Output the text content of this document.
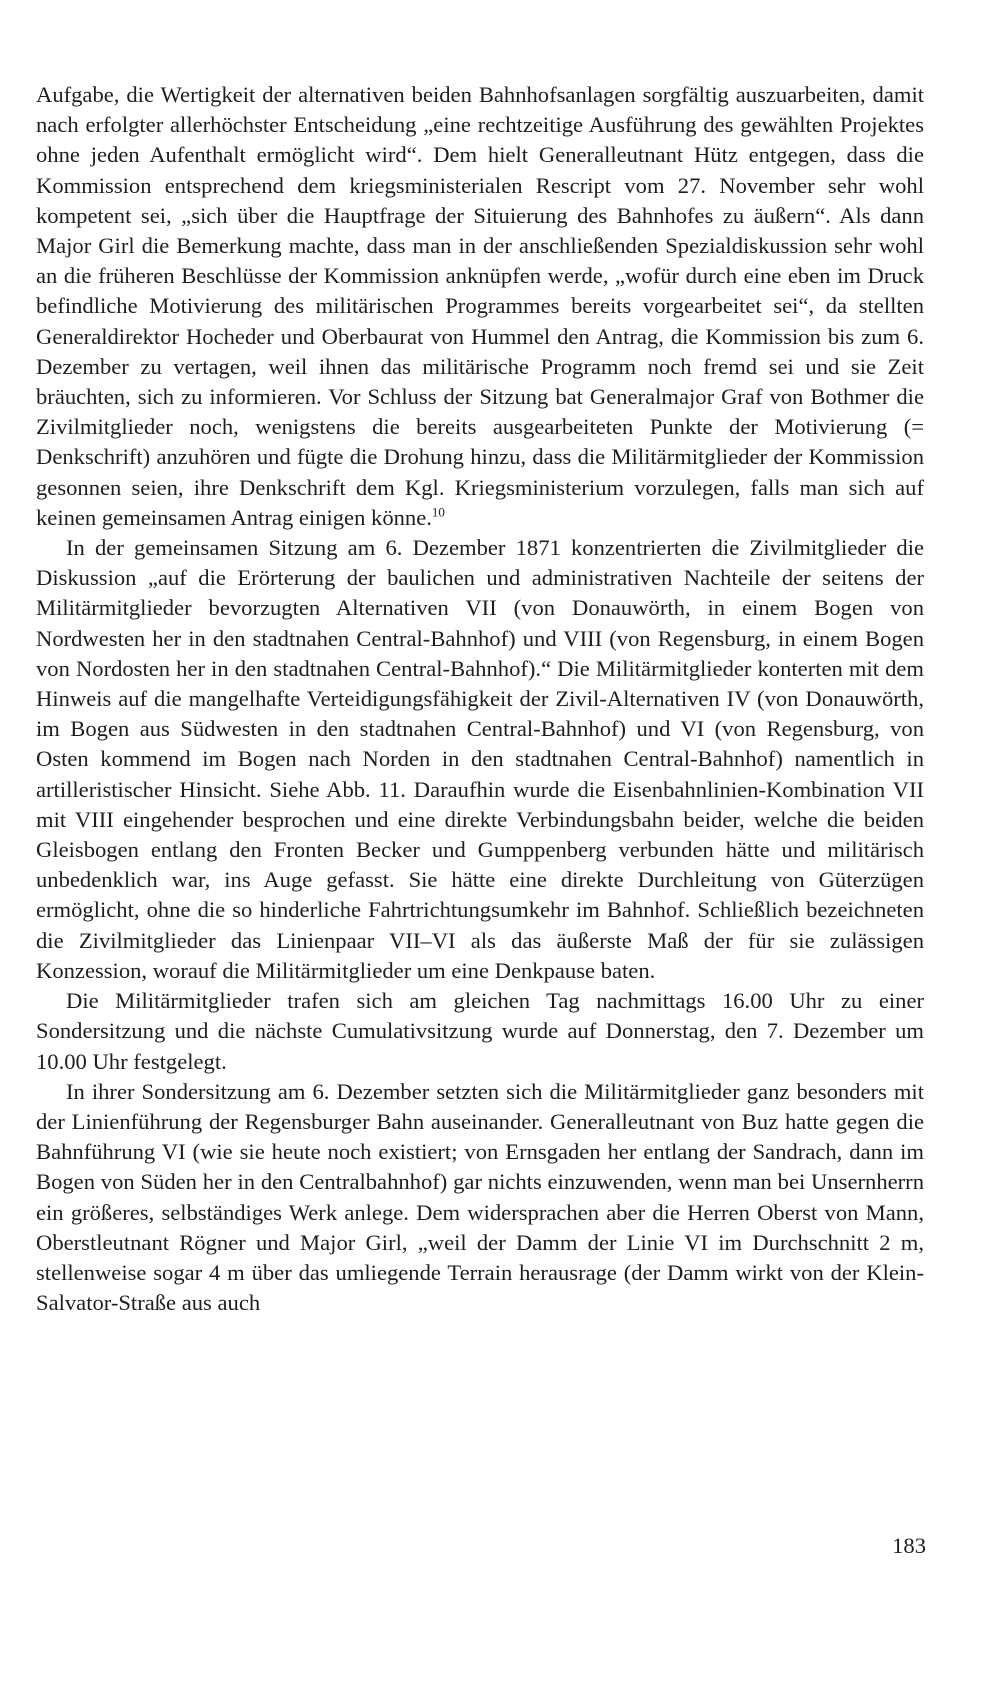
Aufgabe, die Wertigkeit der alternativen beiden Bahnhofsanlagen sorgfältig auszuarbeiten, damit nach erfolgter allerhöchster Entscheidung „eine rechtzeitige Ausführung des gewählten Projektes ohne jeden Aufenthalt ermöglicht wird“. Dem hielt Generalleutnant Hütz entgegen, dass die Kommission entsprechend dem kriegsministerialen Rescript vom 27. November sehr wohl kompetent sei, „sich über die Hauptfrage der Situierung des Bahnhofes zu äußern“. Als dann Major Girl die Bemerkung machte, dass man in der anschließenden Spezialdiskussion sehr wohl an die früheren Beschlüsse der Kommission anknüpfen werde, „wofür durch eine eben im Druck befindliche Motivierung des militärischen Programmes bereits vorgearbeitet sei“, da stellten Generaldirektor Hocheder und Oberbaurat von Hummel den Antrag, die Kommission bis zum 6. Dezember zu vertagen, weil ihnen das militärische Programm noch fremd sei und sie Zeit bräuchten, sich zu informieren. Vor Schluss der Sitzung bat Generalmajor Graf von Bothmer die Zivilmitglieder noch, wenigstens die bereits ausgearbeiteten Punkte der Motivierung (= Denkschrift) anzuhören und fügte die Drohung hinzu, dass die Militärmitglieder der Kommission gesonnen seien, ihre Denkschrift dem Kgl. Kriegsministerium vorzulegen, falls man sich auf keinen gemeinsamen Antrag einigen könne.$^{10}$

In der gemeinsamen Sitzung am 6. Dezember 1871 konzentrierten die Zivilmitglieder die Diskussion „auf die Erörterung der baulichen und administrativen Nachteile der seitens der Militärmitglieder bevorzugten Alternativen VII (von Donauwörth, in einem Bogen von Nordwesten her in den stadtnahen Central-Bahnhof) und VIII (von Regensburg, in einem Bogen von Nordosten her in den stadtnahen Central-Bahnhof).“ Die Militärmitglieder konterten mit dem Hinweis auf die mangelhafte Verteidigungsfähigkeit der Zivil-Alternativen IV (von Donauwörth, im Bogen aus Südwesten in den stadtnahen Central-Bahnhof) und VI (von Regensburg, von Osten kommend im Bogen nach Norden in den stadtnahen Central-Bahnhof) namentlich in artilleristischer Hinsicht. Siehe Abb. 11. Daraufhin wurde die Eisenbahnlinien-Kombination VII mit VIII eingehender besprochen und eine direkte Verbindungsbahn beider, welche die beiden Gleisbogen entlang den Fronten Becker und Gumppenberg verbunden hätte und militärisch unbedenklich war, ins Auge gefasst. Sie hätte eine direkte Durchleitung von Güterzügen ermöglicht, ohne die so hinderliche Fahrtrichtungsumkehr im Bahnhof. Schließlich bezeichneten die Zivilmitglieder das Linienpaar VII–VI als das äußerste Maß der für sie zulässigen Konzession, worauf die Militärmitglieder um eine Denkpause baten.

Die Militärmitglieder trafen sich am gleichen Tag nachmittags 16.00 Uhr zu einer Sondersitzung und die nächste Cumulativsitzung wurde auf Donnerstag, den 7. Dezember um 10.00 Uhr festgelegt.

In ihrer Sondersitzung am 6. Dezember setzten sich die Militärmitglieder ganz besonders mit der Linienführung der Regensburger Bahn auseinander. Generalleutnant von Buz hatte gegen die Bahnführung VI (wie sie heute noch existiert; von Ernsgaden her entlang der Sandrach, dann im Bogen von Süden her in den Centralbahnhof) gar nichts einzuwenden, wenn man bei Unsernherrn ein größeres, selbständiges Werk anlege. Dem widersprachen aber die Herren Oberst von Mann, Oberstleutnant Rögner und Major Girl, „weil der Damm der Linie VI im Durchschnitt 2 m, stellenweise sogar 4 m über das umliegende Terrain herausrage (der Damm wirkt von der Klein-Salvator-Straße aus auch

183
